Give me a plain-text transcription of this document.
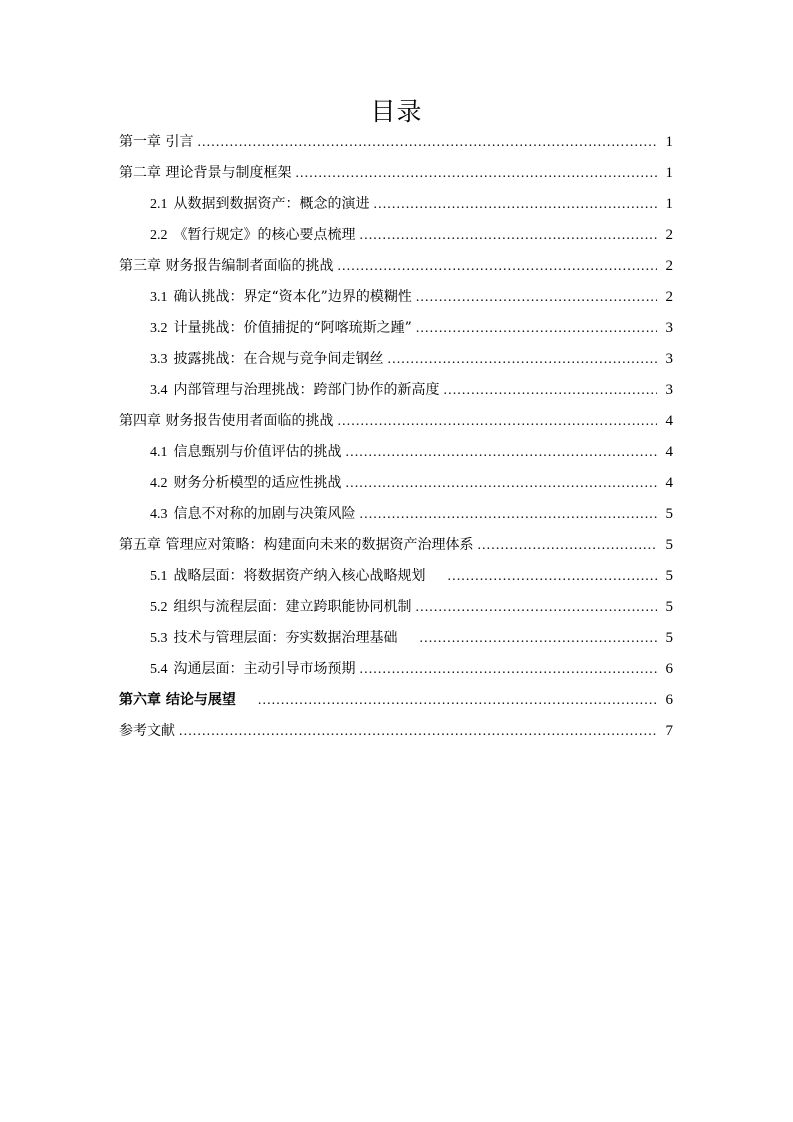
目录
第一章 引言 . . .	1
第二章 理论背景与制度框架 . . .	1
2.1 从数据到数据资产：概念的演进 . . .	1
2.2 《暂行规定》的核心要点梳理 . . .	2
第三章 财务报告编制者面临的挑战 . . .	2
3.1 确认挑战：界定“资本化”边界的模糊性 . . .	2
3.2 计量挑战：价值捕捉的“阿喀琉斯之踵” . . .	3
3.3 披露挑战：在合规与竞争间走钢丝 . . .	3
3.4 内部管理与治理挑战：跨部门协作的新高度 . . .	3
第四章 财务报告使用者面临的挑战 . . .	4
4.1 信息甄别与价值评估的挑战 . . .	4
4.2 财务分析模型的适应性挑战 . . .	4
4.3 信息不对称的加剧与决策风险 . . .	5
第五章 管理应对策略：构建面向未来的数据资产治理体系 . . .	5
5.1 战略层面：将数据资产纳入核心战略规划 . . .	5
5.2 组织与流程层面：建立跨职能协同机制 . . .	5
5.3 技术与管理层面：夯实数据治理基础 . . .	5
5.4 沟通层面：主动引导市场预期 . . .	6
第六章 结论与展望 . . .	6
参考文献 . . .	7
